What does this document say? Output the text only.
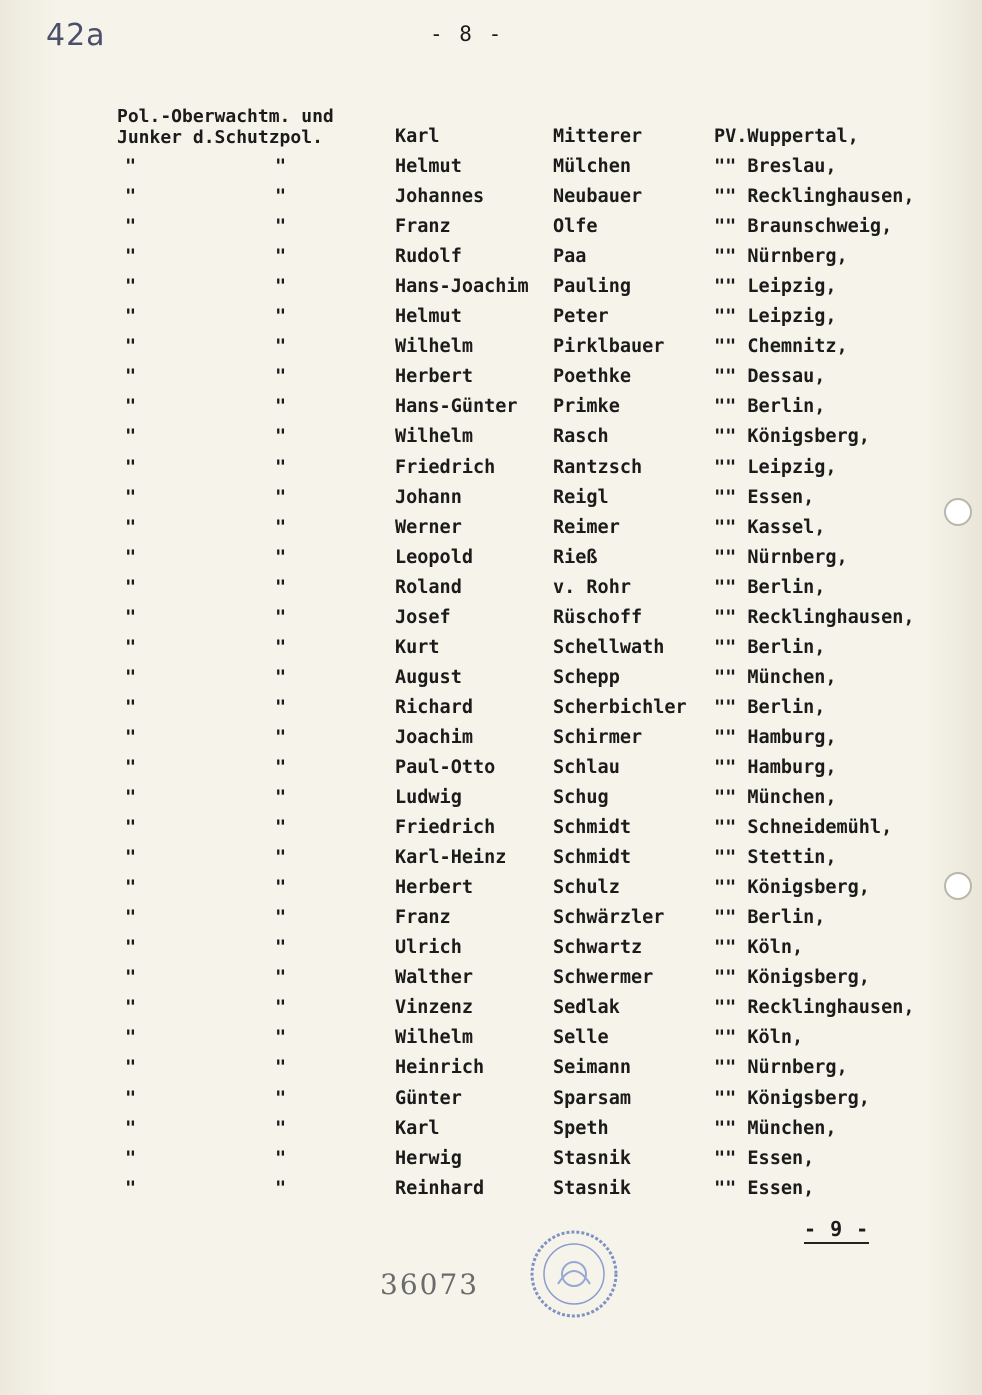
42a	- 8 -
Pol.-Oberwachtm. und
Junker d.Schutzpol.	Karl	Mitterer	PV.Wuppertal,
"	"	Helmut	Mülchen	"" Breslau,
"	"	Johannes	Neubauer	"" Recklinghausen,
"	"	Franz	Olfe	"" Braunschweig,
"	"	Rudolf	Paa	"" Nürnberg,
"	"	Hans-Joachim Pauling	"" Leipzig,
"	"	Helmut	Peter	"" Leipzig,
"	"	Wilhelm	Pirklbauer	"" Chemnitz,
"	"	Herbert	Poethke	"" Dessau,
"	"	Hans-Günter Primke	"" Berlin,
"	"	Wilhelm	Rasch	"" Königsberg,
"	"	Friedrich	Rantzsch	"" Leipzig,
"	"	Johann	Reigl	"" Essen,
"	"	Werner	Reimer	"" Kassel,
"	"	Leopold	Rieß	"" Nürnberg,
"	"	Roland	v. Rohr	"" Berlin,
"	"	Josef	Rüschoff	"" Recklinghausen,
"	"	Kurt	Schellwath	"" Berlin,
"	"	August	Schepp	"" München,
"	"	Richard	Scherbichler "" Berlin,
"	"	Joachim	Schirmer	"" Hamburg,
"	"	Paul-Otto	Schlau	"" Hamburg,
"	"	Ludwig	Schug	"" München,
"	"	Friedrich	Schmidt	"" Schneidemühl,
"	"	Karl-Heinz	Schmidt	"" Stettin,
"	"	Herbert	Schulz	"" Königsberg,
"	"	Franz	Schwärzler	"" Berlin,
"	"	Ulrich	Schwartz	"" Köln,
"	"	Walther	Schwermer	"" Königsberg,
"	"	Vinzenz	Sedlak	"" Recklinghausen,
"	"	Wilhelm	Selle	"" Köln,
"	"	Heinrich	Seimann	"" Nürnberg,
"	"	Günter	Sparsam	"" Königsberg,
"	"	Karl	Speth	"" München,
"	"	Herwig	Stasnik	"" Essen,
"	"	Reinhard	Stasnik	"" Essen,
- 9 -
36073
